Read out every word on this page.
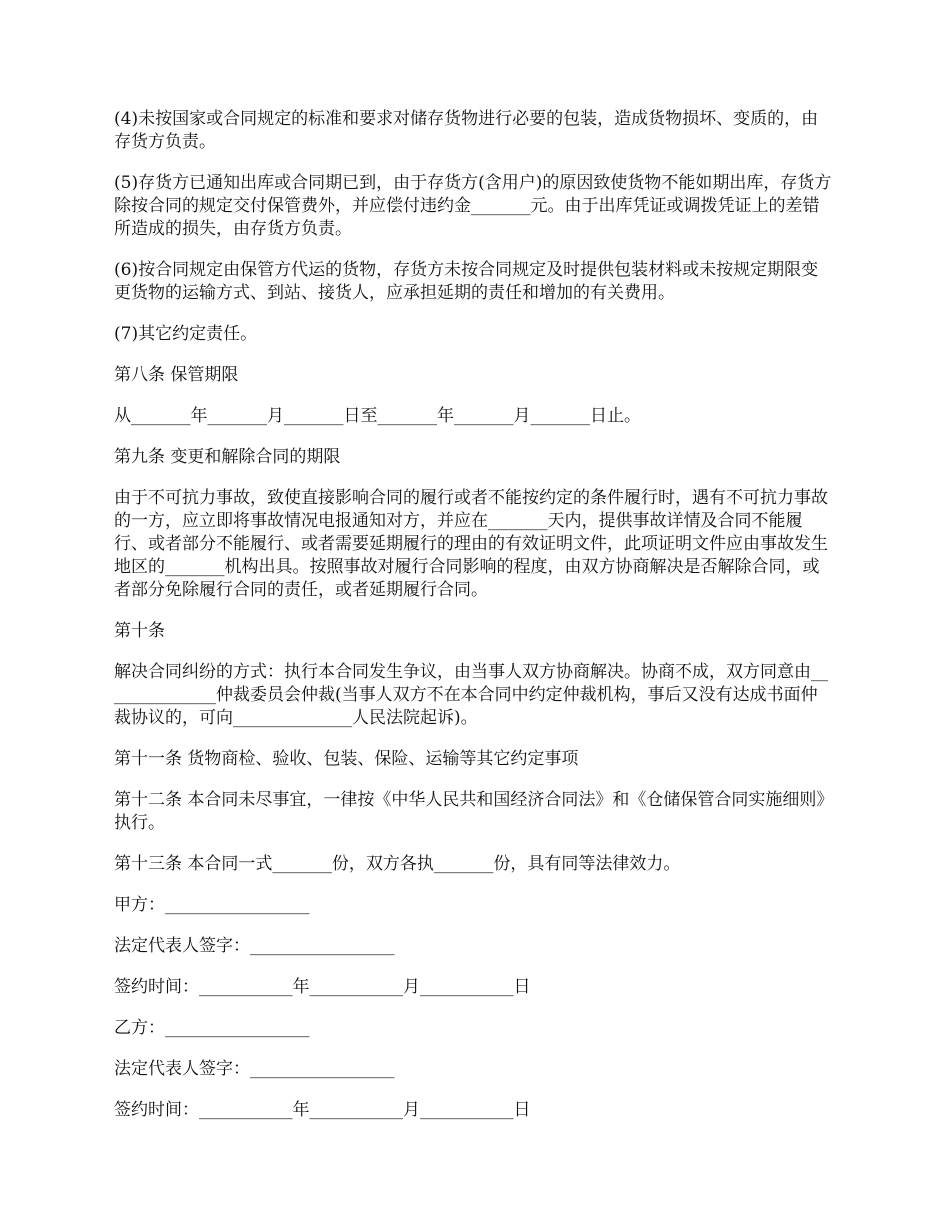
(4)未按国家或合同规定的标准和要求对储存货物进行必要的包装，造成货物损坏、变质的，由存货方负责。

(5)存货方已通知出库或合同期已到，由于存货方(含用户)的原因致使货物不能如期出库，存货方除按合同的规定交付保管费外，并应偿付违约金_______元。由于出库凭证或调拨凭证上的差错所造成的损失，由存货方负责。

(6)按合同规定由保管方代运的货物，存货方未按合同规定及时提供包装材料或未按规定期限变更货物的运输方式、到站、接货人，应承担延期的责任和增加的有关费用。

(7)其它约定责任。

第八条 保管期限

从_______年_______月_______日至_______年_______月_______日止。

第九条 变更和解除合同的期限

由于不可抗力事故，致使直接影响合同的履行或者不能按约定的条件履行时，遇有不可抗力事故的一方，应立即将事故情况电报通知对方，并应在_______天内，提供事故详情及合同不能履行、或者部分不能履行、或者需要延期履行的理由的有效证明文件，此项证明文件应由事故发生地区的_______机构出具。按照事故对履行合同影响的程度，由双方协商解决是否解除合同，或者部分免除履行合同的责任，或者延期履行合同。

第十条

解决合同纠纷的方式：执行本合同发生争议，由当事人双方协商解决。协商不成，双方同意由______________仲裁委员会仲裁(当事人双方不在本合同中约定仲裁机构，事后又没有达成书面仲裁协议的，可向______________人民法院起诉)。

第十一条 货物商检、验收、包装、保险、运输等其它约定事项

第十二条 本合同未尽事宜，一律按《中华人民共和国经济合同法》和《仓储保管合同实施细则》执行。

第十三条 本合同一式_______份，双方各执_______份，具有同等法律效力。

甲方：_________________

法定代表人签字：_________________

签约时间：___________年___________月___________日

乙方：_________________

法定代表人签字：_________________

签约时间：___________年___________月___________日
